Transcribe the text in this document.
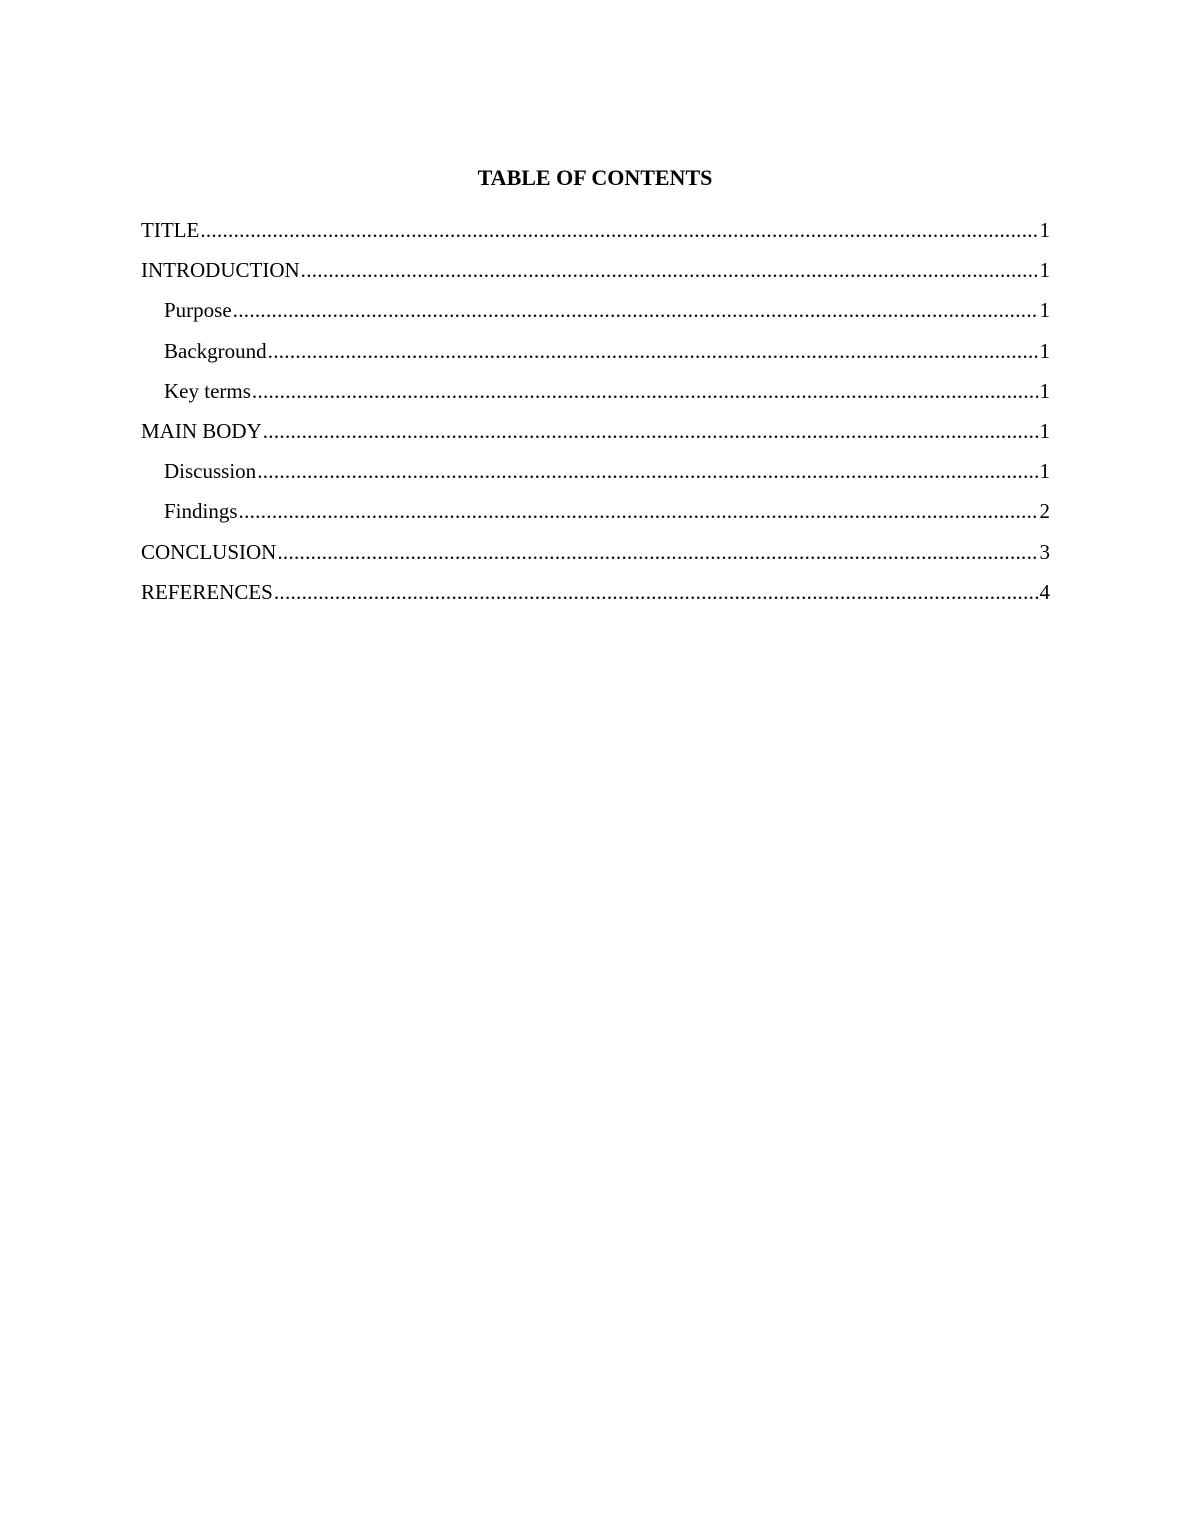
TABLE OF CONTENTS
TITLE .....	1
INTRODUCTION .....	1
Purpose .....	1
Background .....	1
Key terms .....	1
MAIN BODY .....	1
Discussion .....	1
Findings .....	2
CONCLUSION .....	3
REFERENCES .....	4
